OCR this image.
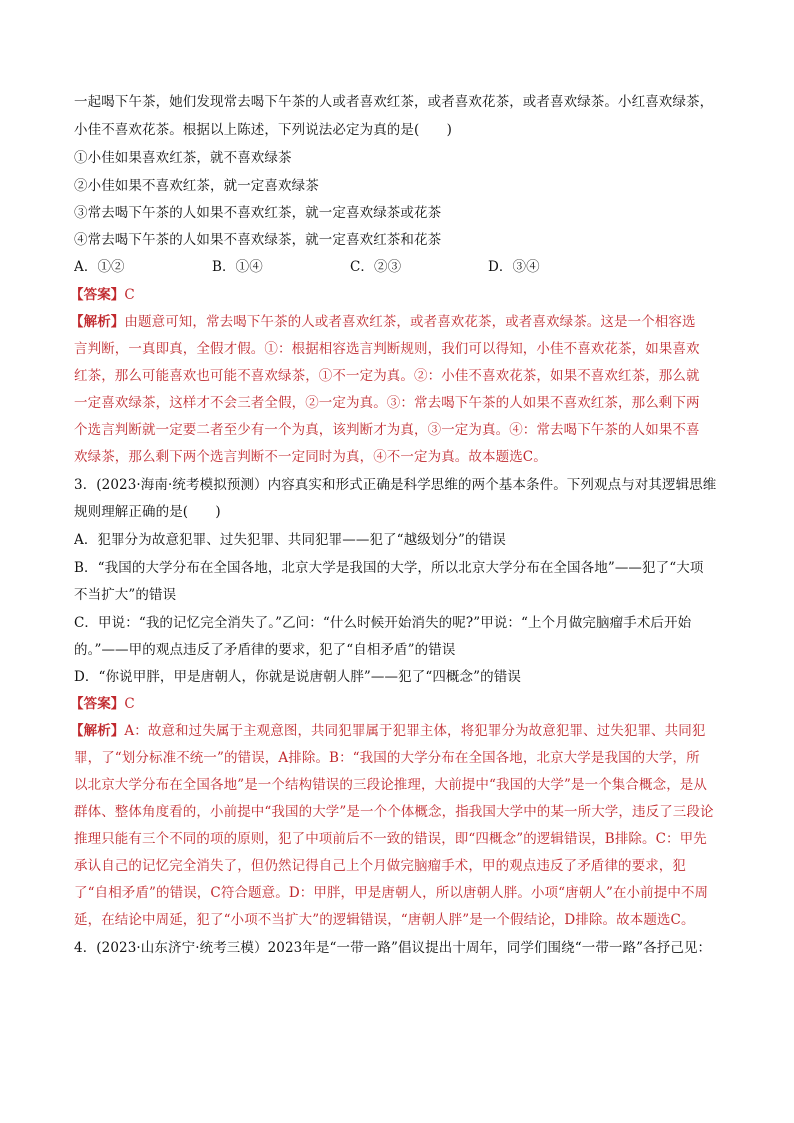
一起喝下午茶，她们发现常去喝下午茶的人或者喜欢红茶，或者喜欢花茶，或者喜欢绿茶。小红喜欢绿茶，
小佳不喜欢花茶。根据以上陈述，下列说法必定为真的是(　　)
①小佳如果喜欢红茶，就不喜欢绿茶
②小佳如果不喜欢红茶，就一定喜欢绿茶
③常去喝下午茶的人如果不喜欢红茶，就一定喜欢绿茶或花茶
④常去喝下午茶的人如果不喜欢绿茶，就一定喜欢红茶和花茶
A．①②	B．①④	C．②③	D．③④
【答案】C
【解析】由题意可知，常去喝下午茶的人或者喜欢红茶，或者喜欢花茶，或者喜欢绿茶。这是一个相容选
言判断，一真即真，全假才假。①：根据相容选言判断规则，我们可以得知，小佳不喜欢花茶，如果喜欢
红茶，那么可能喜欢也可能不喜欢绿茶，①不一定为真。②：小佳不喜欢花茶，如果不喜欢红茶，那么就
一定喜欢绿茶，这样才不会三者全假，②一定为真。③：常去喝下午茶的人如果不喜欢红茶，那么剩下两
个选言判断就一定要二者至少有一个为真，该判断才为真，③一定为真。④：常去喝下午茶的人如果不喜
欢绿茶，那么剩下两个选言判断不一定同时为真，④不一定为真。故本题选C。
3．(2023·海南·统考模拟预测）内容真实和形式正确是科学思维的两个基本条件。下列观点与对其逻辑思维
规则理解正确的是(　　)
A．犯罪分为故意犯罪、过失犯罪、共同犯罪——犯了“越级划分”的错误
B．“我国的大学分布在全国各地，北京大学是我国的大学，所以北京大学分布在全国各地”——犯了“大项
不当扩大”的错误
C．甲说：“我的记忆完全消失了。”乙问：“什么时候开始消失的呢?”甲说：“上个月做完脑瘤手术后开始
的。”——甲的观点违反了矛盾律的要求，犯了“自相矛盾”的错误
D．“你说甲胖，甲是唐朝人，你就是说唐朝人胖”——犯了“四概念”的错误
【答案】C
【解析】A：故意和过失属于主观意图，共同犯罪属于犯罪主体，将犯罪分为故意犯罪、过失犯罪、共同犯
罪，了“划分标准不统一”的错误，A排除。B：“我国的大学分布在全国各地，北京大学是我国的大学，所
以北京大学分布在全国各地”是一个结构错误的三段论推理，大前提中“我国的大学”是一个集合概念，是从
群体、整体角度看的，小前提中“我国的大学”是一个个体概念，指我国大学中的某一所大学，违反了三段论
推理只能有三个不同的项的原则，犯了中项前后不一致的错误，即“四概念”的逻辑错误，B排除。C：甲先
承认自己的记忆完全消失了，但仍然记得自己上个月做完脑瘤手术，甲的观点违反了矛盾律的要求，犯
了“自相矛盾”的错误，C符合题意。D：甲胖，甲是唐朝人，所以唐朝人胖。小项“唐朝人”在小前提中不周
延，在结论中周延，犯了“小项不当扩大”的逻辑错误，“唐朝人胖”是一个假结论，D排除。故本题选C。
4．(2023·山东济宁·统考三模）2023年是“一带一路”倡议提出十周年，同学们围绕“一带一路”各抒己见：
